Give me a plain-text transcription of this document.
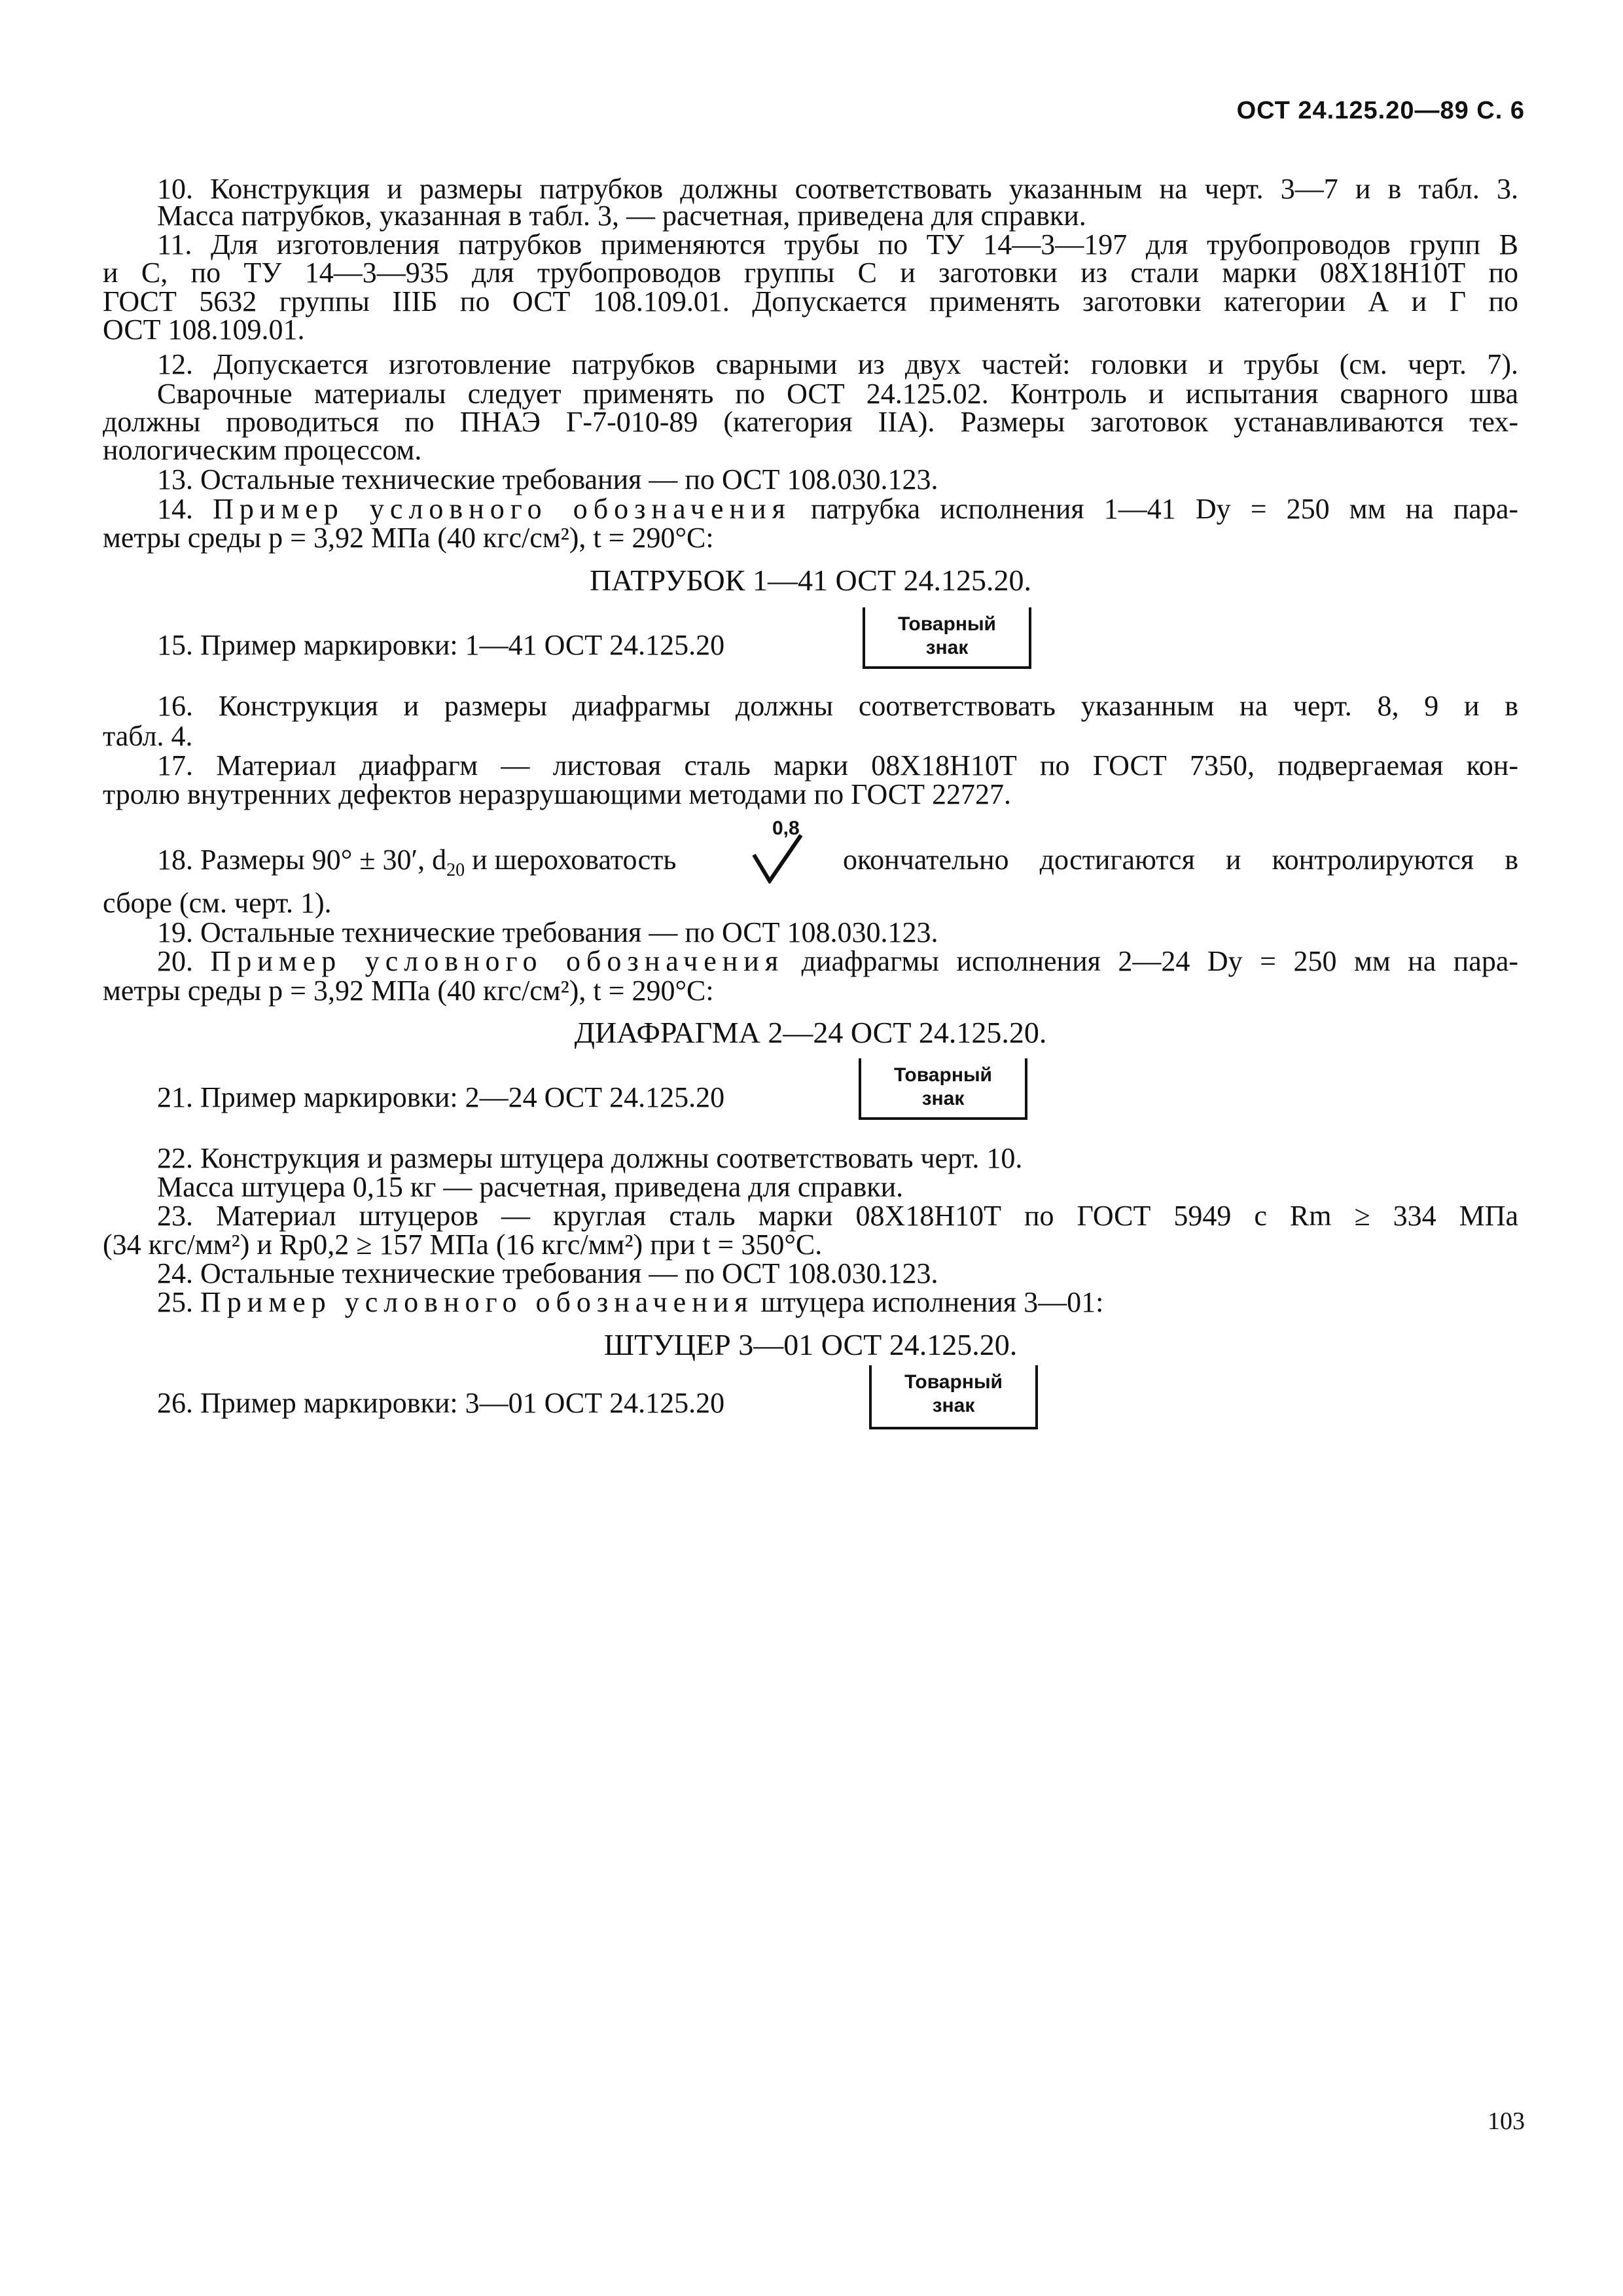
ОСТ 24.125.20—89 С. 6
10. Конструкция и размеры патрубков должны соответствовать указанным на черт. 3—7 и в табл. 3.
Масса патрубков, указанная в табл. 3, — расчетная, приведена для справки.
11. Для изготовления патрубков применяются трубы по ТУ 14—3—197 для трубопроводов групп В
и С, по ТУ 14—3—935 для трубопроводов группы С и заготовки из стали марки 08Х18Н10Т по
ГОСТ 5632 группы IIIБ по ОСТ 108.109.01. Допускается применять заготовки категории А и Г по
ОСТ 108.109.01.
12. Допускается изготовление патрубков сварными из двух частей: головки и трубы (см. черт. 7).
Сварочные материалы следует применять по ОСТ 24.125.02. Контроль и испытания сварного шва
должны проводиться по ПНАЭ Г-7-010-89 (категория IIА). Размеры заготовок устанавливаются тех-
нологическим процессом.
13. Остальные технические требования — по ОСТ 108.030.123.
14. Пример условного обозначения патрубка исполнения 1—41 Dу = 250 мм на пара-
метры среды p = 3,92 МПа (40 кгс/см²), t = 290°C:
ПАТРУБОК 1—41 ОСТ 24.125.20.
15. Пример маркировки: 1—41 ОСТ 24.125.20
Товарный
знак
16. Конструкция и размеры диафрагмы должны соответствовать указанным на черт. 8, 9 и в
табл. 4.
17. Материал диафрагм — листовая сталь марки 08Х18Н10Т по ГОСТ 7350, подвергаемая кон-
тролю внутренних дефектов неразрушающими методами по ГОСТ 22727.
0,8
18. Размеры 90° ± 30′, $d_{20}$ и шероховатость	окончательно достигаются и контролируются в
сборе (см. черт. 1).
19. Остальные технические требования — по ОСТ 108.030.123.
20. Пример условного обозначения диафрагмы исполнения 2—24 Dу = 250 мм на пара-
метры среды p = 3,92 МПа (40 кгс/см²), t = 290°C:
ДИАФРАГМА 2—24 ОСТ 24.125.20.
21. Пример маркировки: 2—24 ОСТ 24.125.20
Товарный
знак
22. Конструкция и размеры штуцера должны соответствовать черт. 10.
Масса штуцера 0,15 кг — расчетная, приведена для справки.
23. Материал штуцеров — круглая сталь марки 08Х18Н10Т по ГОСТ 5949 с Rm ≥ 334 МПа
(34 кгс/мм²) и Rp0,2 ≥ 157 МПа (16 кгс/мм²) при t = 350°C.
24. Остальные технические требования — по ОСТ 108.030.123.
25. Пример условного обозначения штуцера исполнения 3—01:
ШТУЦЕР 3—01 ОСТ 24.125.20.
26. Пример маркировки: 3—01 ОСТ 24.125.20
Товарный
знак
103
